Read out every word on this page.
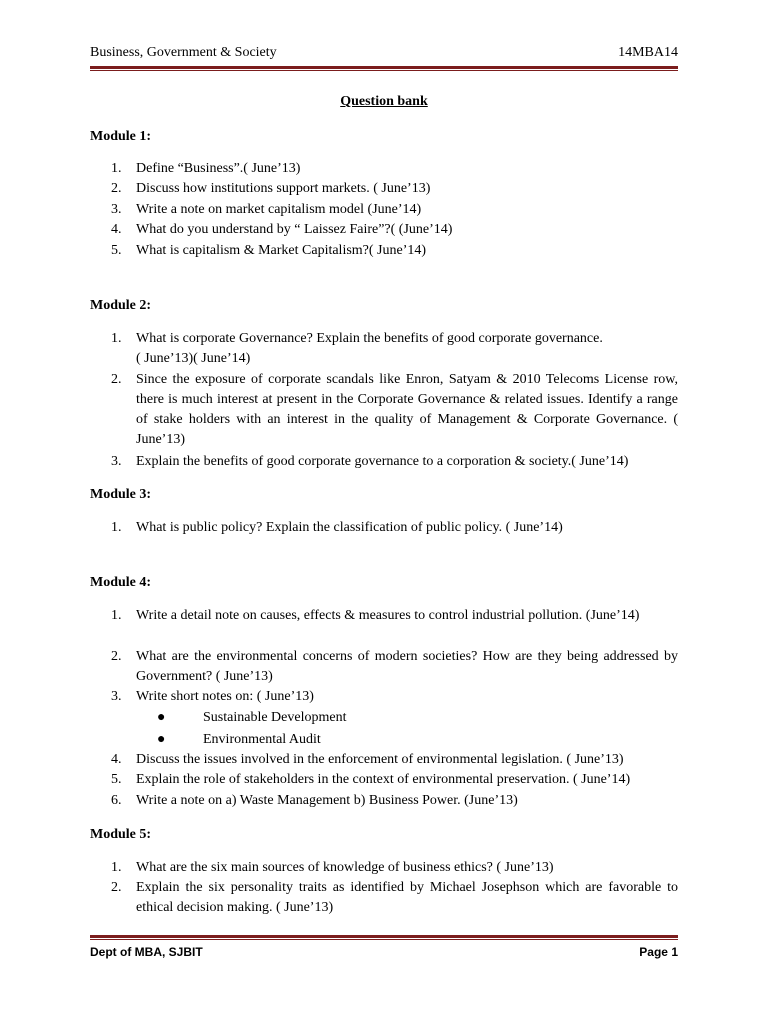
Business, Government & Society	14MBA14
Question bank
Module 1:
1. Define “Business”.( June’13)
2. Discuss how institutions support markets. ( June’13)
3. Write a note on market capitalism model (June’14)
4. What do you understand by “ Laissez Faire”?( (June’14)
5. What is capitalism & Market Capitalism?( June’14)
Module 2:
1. What is corporate Governance? Explain the benefits of good corporate governance.
( June’13)( June’14)
2. Since the exposure of corporate scandals like Enron, Satyam & 2010 Telecoms License row, there is much interest at present in the Corporate Governance & related issues. Identify a range of stake holders with an interest in the quality of Management & Corporate Governance. ( June’13)
3. Explain the benefits of good corporate governance to a corporation & society.( June’14)
Module 3:
1. What is public policy? Explain the classification of public policy. ( June’14)
Module 4:
1. Write a detail note on causes, effects & measures to control industrial pollution. (June’14)
2. What are the environmental concerns of modern societies? How are they being addressed by Government? ( June’13)
3. Write short notes on: ( June’13)
●	Sustainable Development
●	Environmental Audit
4. Discuss the issues involved in the enforcement of environmental legislation. ( June’13)
5. Explain the role of stakeholders in the context of environmental preservation. ( June’14)
6. Write a note on a) Waste Management b) Business Power. (June’13)
Module 5:
1. What are the six main sources of knowledge of business ethics? ( June’13)
2. Explain the six personality traits as identified by Michael Josephson which are favorable to ethical decision making. ( June’13)
Dept of MBA, SJBIT	Page 1
